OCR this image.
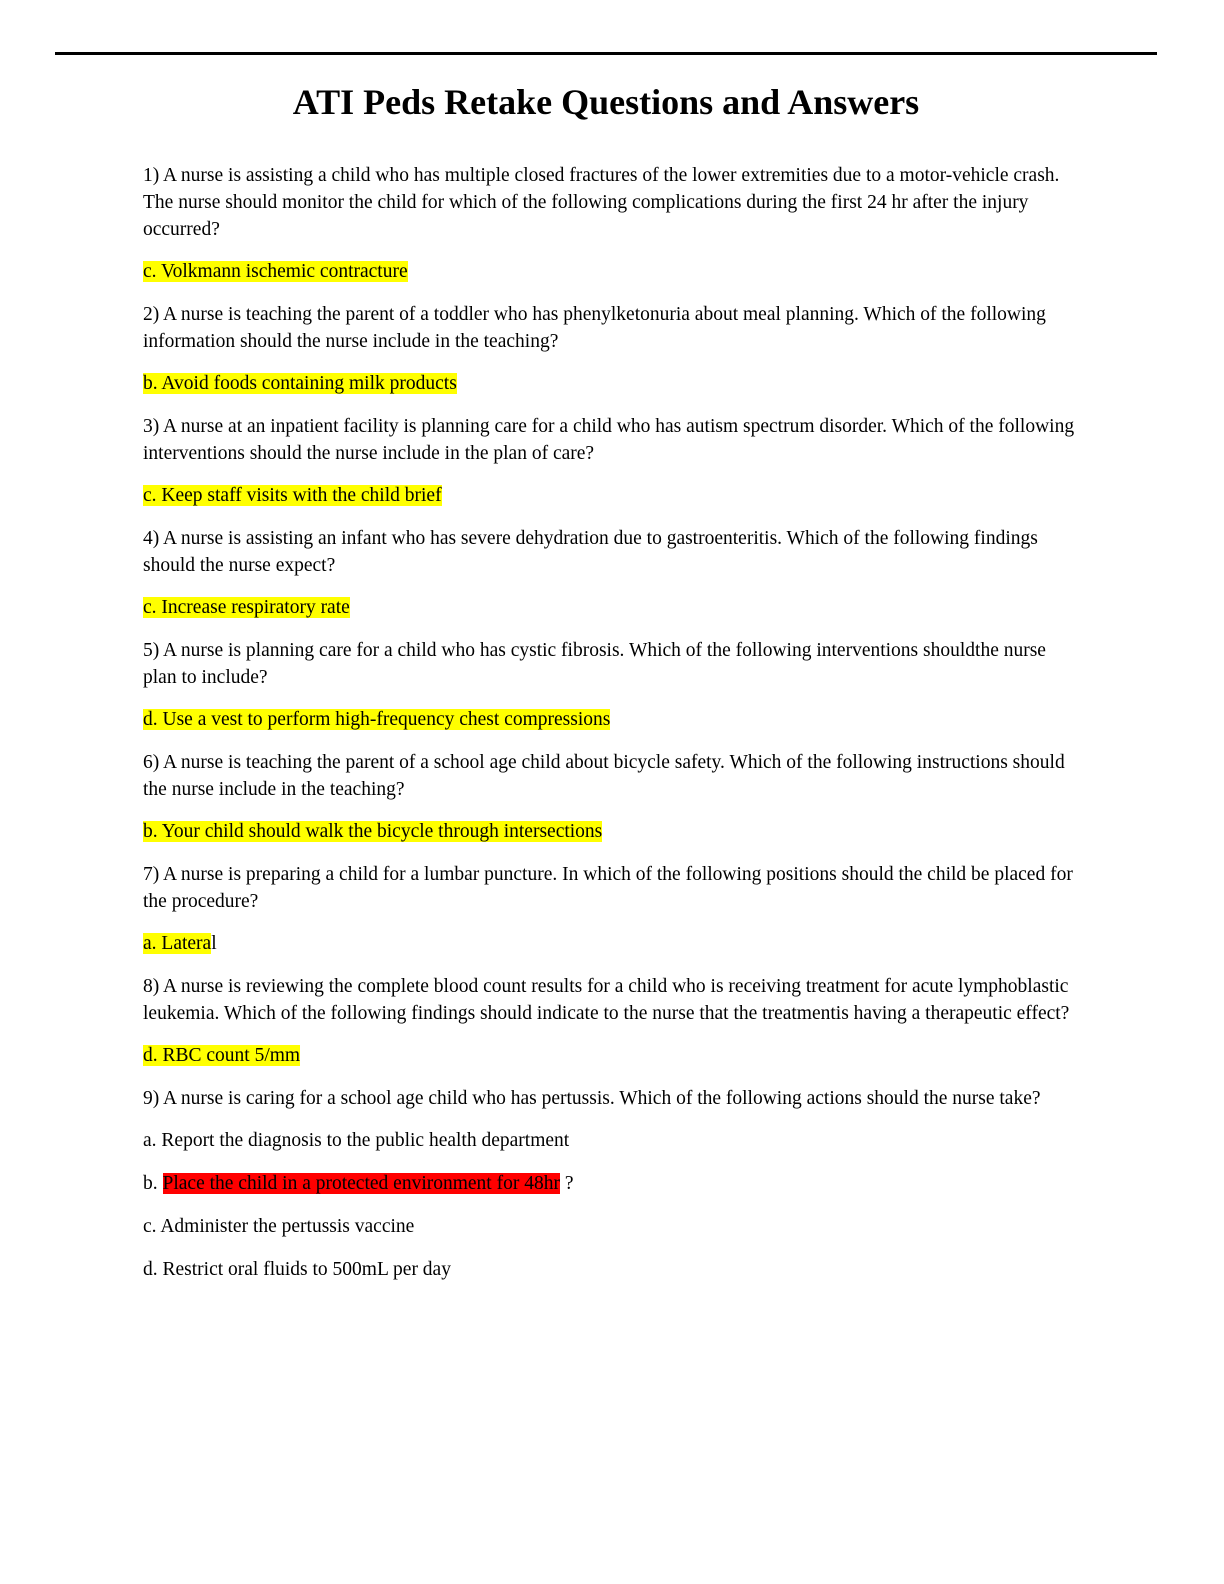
ATI Peds Retake Questions and Answers

1) A nurse is assisting a child who has multiple closed fractures of the lower extremities due to a motor-vehicle crash. The nurse should monitor the child for which of the following complications during the first 24 hr after the injury occurred?

c. Volkmann ischemic contracture

2) A nurse is teaching the parent of a toddler who has phenylketonuria about meal planning. Which of the following information should the nurse include in the teaching?

b. Avoid foods containing milk products

3) A nurse at an inpatient facility is planning care for a child who has autism spectrum disorder. Which of the following interventions should the nurse include in the plan of care?

c. Keep staff visits with the child brief

4) A nurse is assisting an infant who has severe dehydration due to gastroenteritis. Which of the following findings should the nurse expect?

c. Increase respiratory rate

5) A nurse is planning care for a child who has cystic fibrosis. Which of the following interventions shouldthe nurse plan to include?

d. Use a vest to perform high-frequency chest compressions

6) A nurse is teaching the parent of a school age child about bicycle safety. Which of the following instructions should the nurse include in the teaching?

b. Your child should walk the bicycle through intersections

7) A nurse is preparing a child for a lumbar puncture. In which of the following positions should the child be placed for the procedure?

a. Lateral

8) A nurse is reviewing the complete blood count results for a child who is receiving treatment for acute lymphoblastic leukemia. Which of the following findings should indicate to the nurse that the treatmentis having a therapeutic effect?

d. RBC count 5/mm

9) A nurse is caring for a school age child who has pertussis. Which of the following actions should the nurse take?

a. Report the diagnosis to the public health department

b. Place the child in a protected environment for 48hr ?

c. Administer the pertussis vaccine

d. Restrict oral fluids to 500mL per day
